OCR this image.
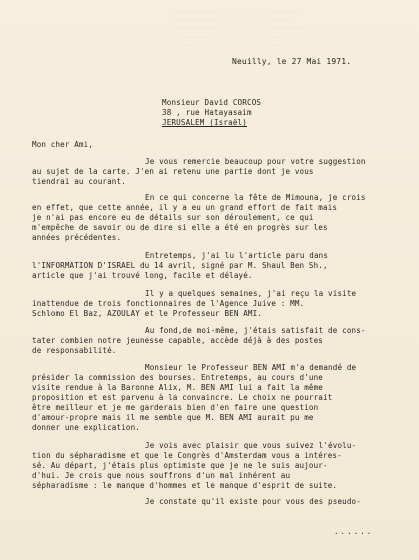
— — — — — — — — — — — — — — — — —
— — — — — — — — — — — — — — — —
— — — — — — — — — — — — — — — — — —
— — — — — — — — — — — — — — —
— — — — — — — — — — — — — — — —
Neuilly, le 27 Mai 1971.
Monsieur David CORCOS
38 , rue Hatayasaim
JERUSALEM (Israël)
Mon cher Ami,
Je vous remercie beaucoup pour votre suggestion
au sujet de la carte. J'en ai retenu une partie dont je vous
tiendrai au courant.
En ce qui concerne la fête de Mimouna, je crois
en effet, que cette année, il y a eu un grand effort de fait mais
je n'ai pas encore eu de détails sur son déroulement, ce qui
m'empêche de savoir ou de dire si elle a été en progrès sur les
années précédentes.
Entretemps, j'ai lu l'article paru dans
l'INFORMATION D'ISRAEL du 14 avril, signé par M. Shaul Ben Sh.,
article que j'ai trouvé long, facile et délayé.
Il y a quelques semaines, j'ai reçu la visite
inattendue de trois fonctionnaires de l'Agence Juive : MM.
Schlomo El Baz, AZOULAY et le Professeur BEN AMI.
Au fond,de moi-même, j'étais satisfait de cons-
tater combien notre jeunesse capable, accède déjà à des postes
de responsabilité.
Monsieur le Professeur BEN AMI m'a demandé de
présider la commission des bourses. Entretemps, au cours d'une
visite rendue à la Baronne Alix, M. BEN AMI lui a fait la même
proposition et est parvenu à la convaincre. Le choix ne pourrait
être meilleur et je me garderais bien d'en faire une question
d'amour-propre mais il me semble que M. BEN AMI aurait pu me
donner une explication.
Je vois avec plaisir que vous suivez l'évolu-
tion du sépharadisme et que le Congrès d'Amsterdam vous a intéres-
sé. Au départ, j'étais plus optimiste que je ne le suis aujour-
d'hui. Je crois que nous souffrons d'un mal inhérent au
sépharadisme : le manque d'hommes et le manque d'esprit de suite.
Je constate qu'il existe pour vous des pseudo-
......
